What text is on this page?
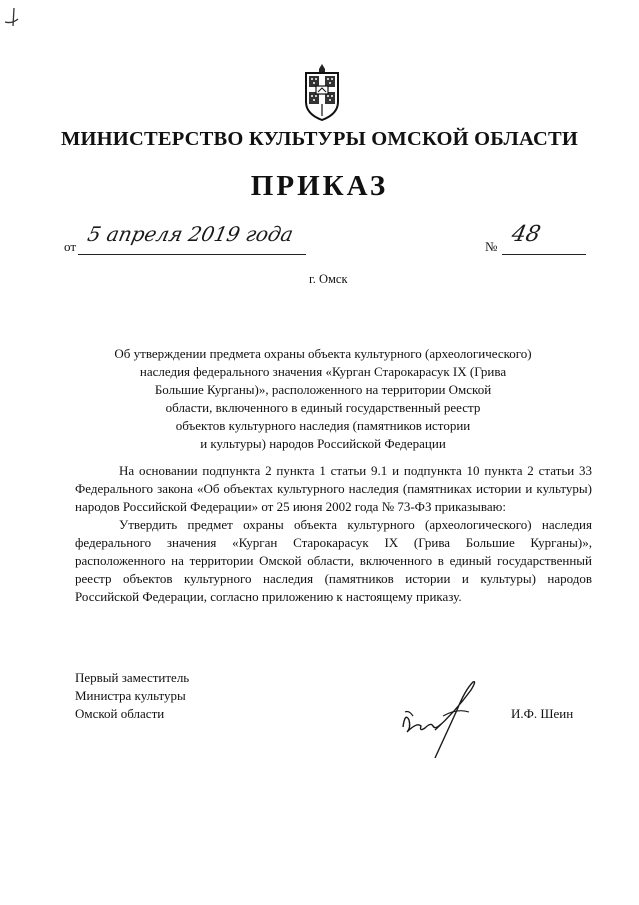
МИНИСТЕРСТВО КУЛЬТУРЫ ОМСКОЙ ОБЛАСТИ
ПРИКАЗ
от
5 апреля 2019 года
№ 48
г. Омск
Об утверждении предмета охраны объекта культурного (археологического)
наследия федерального значения «Курган Старокарасук IX (Грива
Большие Курганы)», расположенного на территории Омской
области, включенного в единый государственный реестр
объектов культурного наследия (памятников истории
и культуры) народов Российской Федерации

На основании подпункта 2 пункта 1 статьи 9.1 и подпункта 10 пункта 2 статьи 33 Федерального закона «Об объектах культурного наследия (памятниках истории и культуры) народов Российской Федерации» от 25 июня 2002 года № 73-ФЗ приказываю:

Утвердить предмет охраны объекта культурного (археологического) наследия федерального значения «Курган Старокарасук IX (Грива Большие Курганы)», расположенного на территории Омской области, включенного в единый государственный реестр объектов культурного наследия (памятников истории и культуры) народов Российской Федерации, согласно приложению к настоящему приказу.

Первый заместитель
Министра культуры
Омской области	И.Ф. Шеин
